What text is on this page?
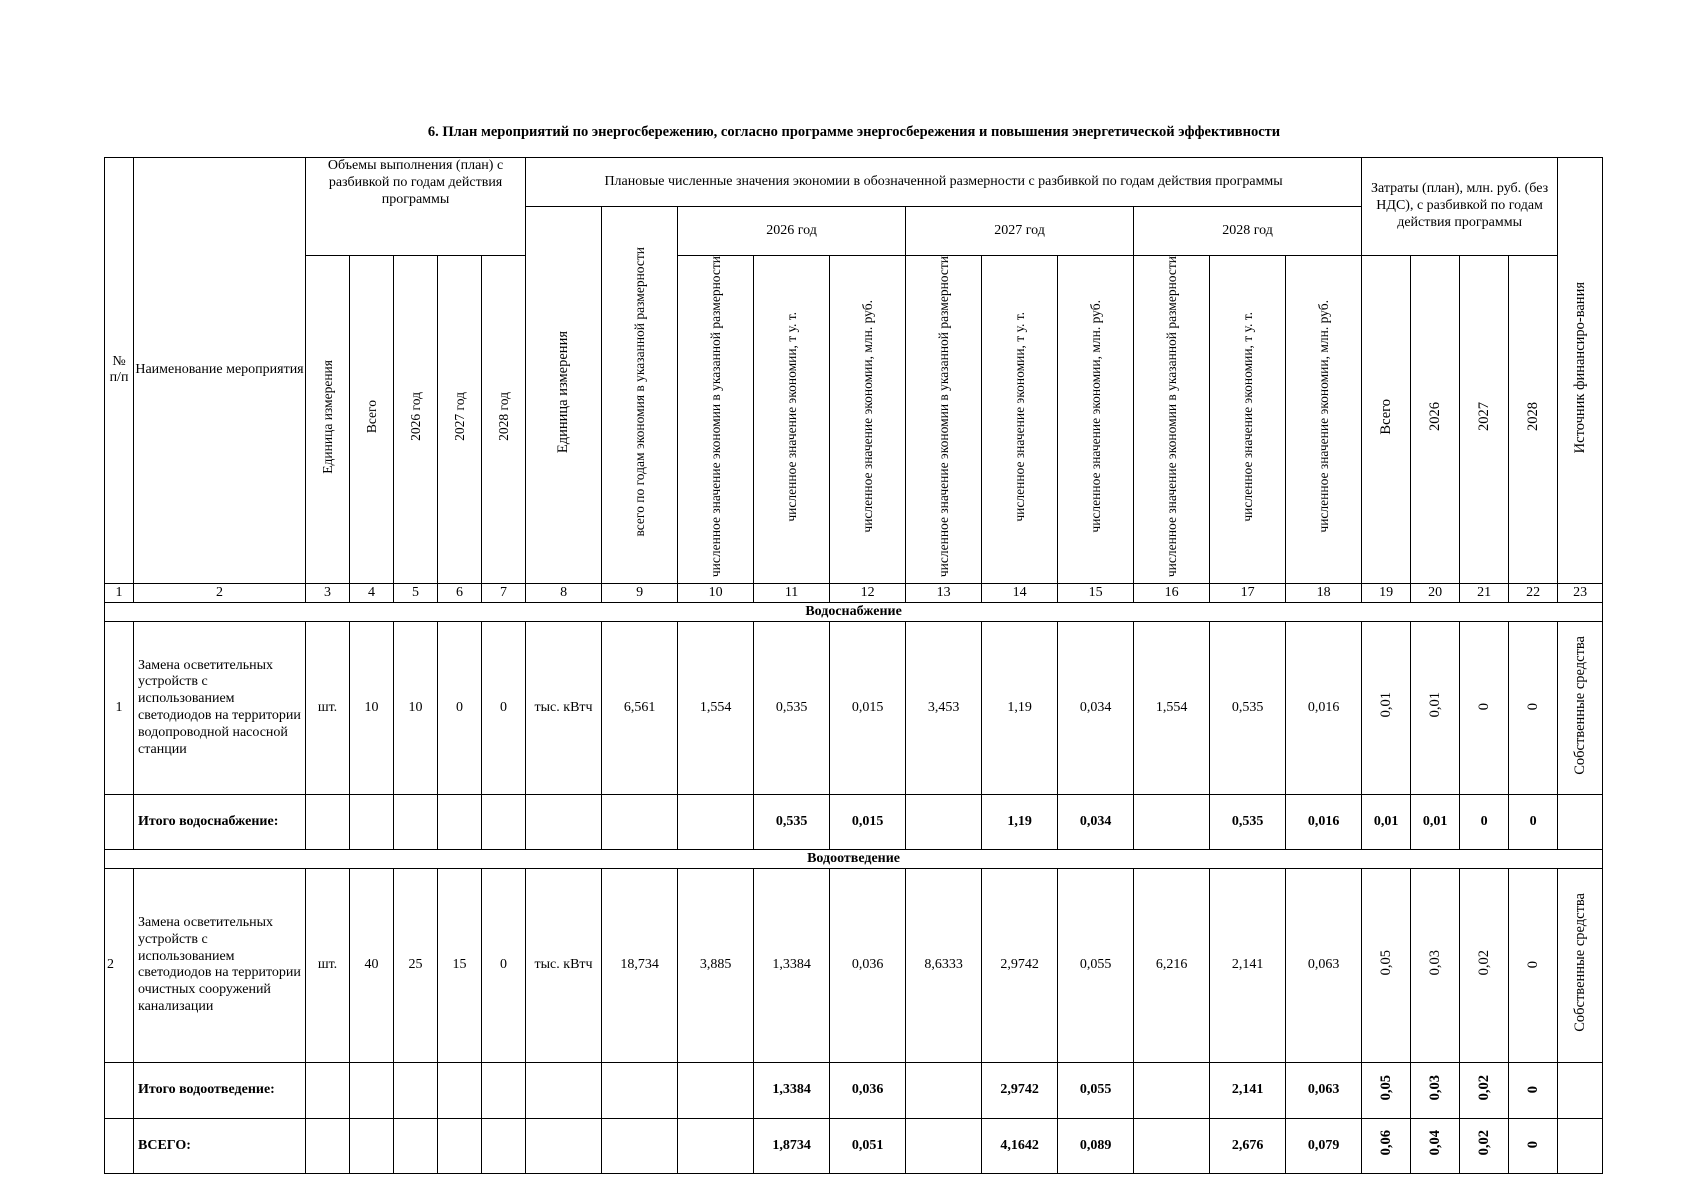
6. План мероприятий по энергосбережению, согласно программе энергосбережения и повышения энергетической эффективности
№ п/п	Наименование мероприятия	Объемы выполнения (план) с разбивкой по годам действия программы					Плановые численные значения экономии в обозначенной размерности с разбивкой по годам действия программы											Затраты (план), млн. руб. (без НДС), с разбивкой по годам действия программы				Источник финансиро-вания
							Единица измерения	всего по годам экономия в указанной размерности	2026 год			2027 год			2028 год							
		Единица измерения	Всего	2026 год	2027 год	2028 год			численное значение экономии в указанной размерности	численное значение экономии, т у. т.	численное значение экономии, млн. руб.	численное значение экономии в указанной размерности	численное значение экономии, т у. т.	численное значение экономии, млн. руб.	численное значение экономии в указанной размерности	численное значение экономии, т у. т.	численное значение экономии, млн. руб.	Всего	2026	2027	2028	
1	2	3	4	5	6	7	8	9	10	11	12	13	14	15	16	17	18	19	20	21	22	23
Водоснабжение																						
1	Замена осветительных устройств с использованием светодиодов на территории водопроводной насосной станции	шт.	10	10	0	0	тыс. кВтч	6,561	1,554	0,535	0,015	3,453	1,19	0,034	1,554	0,535	0,016	0,01	0,01	0	0	Собственные средства
	Итого водоснабжение:									0,535	0,015		1,19	0,034		0,535	0,016	0,01	0,01	0	0	
Водоотведение																						
2	Замена осветительных устройств с использованием светодиодов на территории очистных сооружений канализации	шт.	40	25	15	0	тыс. кВтч	18,734	3,885	1,3384	0,036	8,6333	2,9742	0,055	6,216	2,141	0,063	0,05	0,03	0,02	0	Собственные средства
	Итого водоотведение:									1,3384	0,036		2,9742	0,055		2,141	0,063	0,05	0,03	0,02	0	
	ВСЕГО:									1,8734	0,051		4,1642	0,089		2,676	0,079	0,06	0,04	0,02	0	
